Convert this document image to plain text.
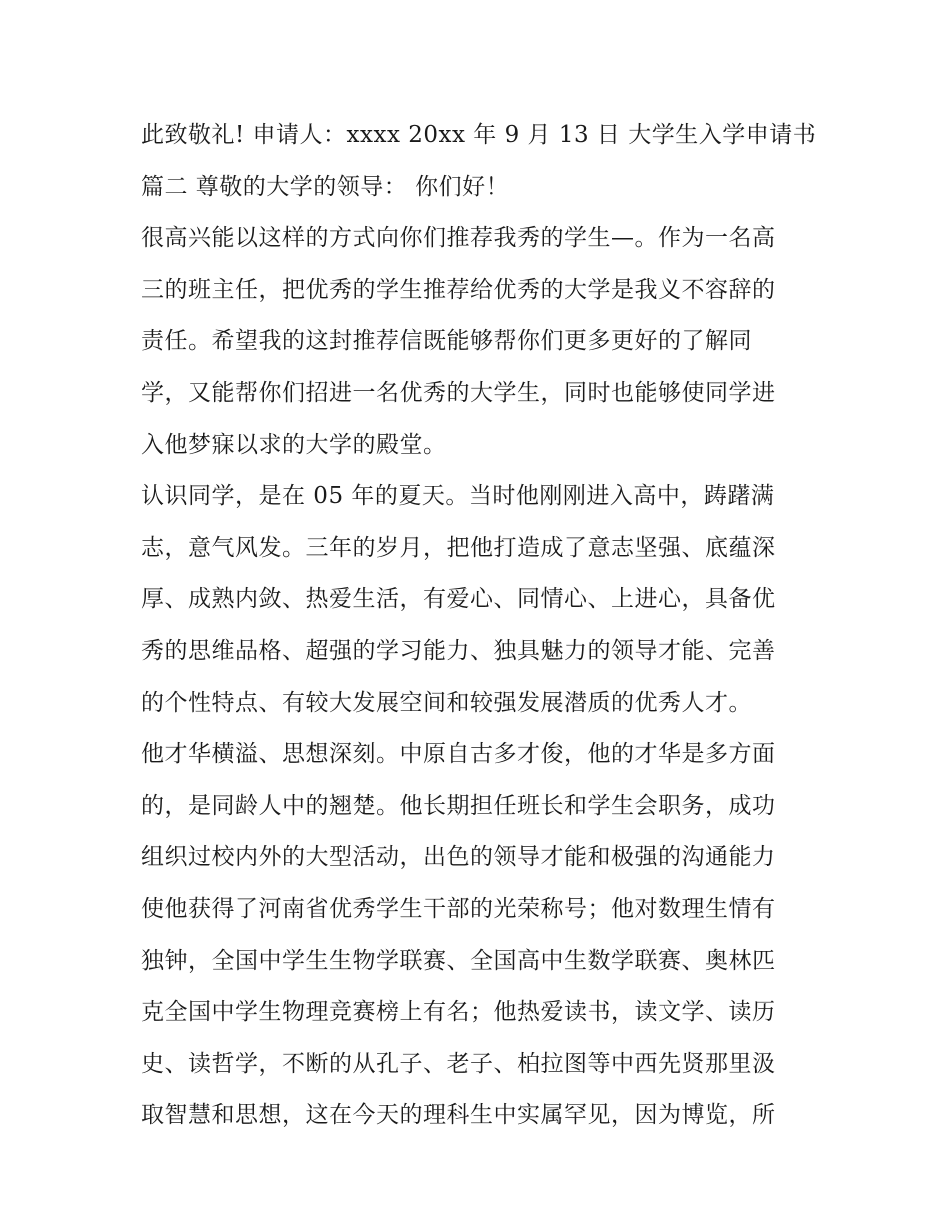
此致敬礼! 申请人：xxxx 20xx 年 9 月 13 日 大学生入学申请书
篇二 尊敬的大学的领导： 你们好！
很高兴能以这样的方式向你们推荐我秀的学生—。作为一名高
三的班主任，把优秀的学生推荐给优秀的大学是我义不容辞的
责任。希望我的这封推荐信既能够帮你们更多更好的了解同
学，又能帮你们招进一名优秀的大学生，同时也能够使同学进
入他梦寐以求的大学的殿堂。
认识同学，是在 05 年的夏天。当时他刚刚进入高中，踌躇满
志，意气风发。三年的岁月，把他打造成了意志坚强、底蕴深
厚、成熟内敛、热爱生活，有爱心、同情心、上进心，具备优
秀的思维品格、超强的学习能力、独具魅力的领导才能、完善
的个性特点、有较大发展空间和较强发展潜质的优秀人才。
他才华横溢、思想深刻。中原自古多才俊，他的才华是多方面
的，是同龄人中的翘楚。他长期担任班长和学生会职务，成功
组织过校内外的大型活动，出色的领导才能和极强的沟通能力
使他获得了河南省优秀学生干部的光荣称号；他对数理生情有
独钟，全国中学生生物学联赛、全国高中生数学联赛、奥林匹
克全国中学生物理竞赛榜上有名；他热爱读书，读文学、读历
史、读哲学，不断的从孔子、老子、柏拉图等中西先贤那里汲
取智慧和思想，这在今天的理科生中实属罕见，因为博览，所
